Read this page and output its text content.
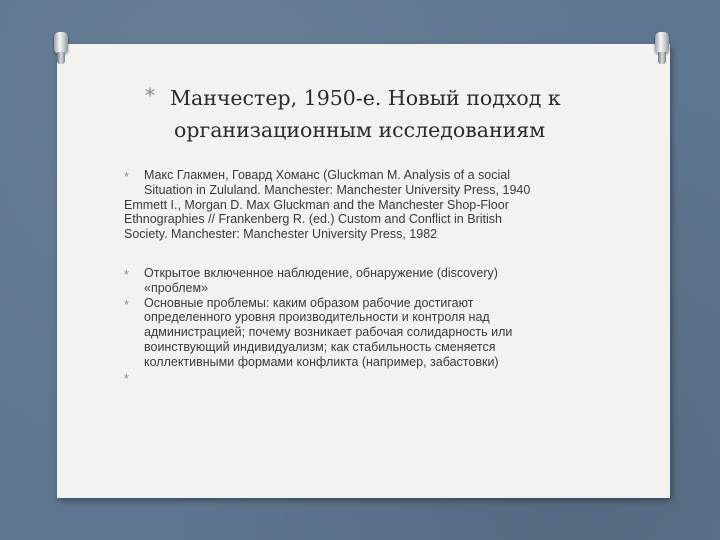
* Манчестер, 1950-е. Новый подход к
организационным исследованиям
* Макс Глакмен, Говард Хоманс (Gluckman M. Analysis of a social
Situation in Zululand. Manchester: Manchester University Press, 1940
Emmett I., Morgan D. Max Gluckman and the Manchester Shop-Floor
Ethnographies // Frankenberg R. (ed.) Custom and Conflict in British
Society. Manchester: Manchester University Press, 1982
* Открытое включенное наблюдение, обнаружение (discovery)
«проблем»
* Основные проблемы: каким образом рабочие достигают
определенного уровня производительности и контроля над
администрацией; почему возникает рабочая солидарность или
воинствующий индивидуализм; как стабильность сменяется
коллективными формами конфликта (например, забастовки)
*
